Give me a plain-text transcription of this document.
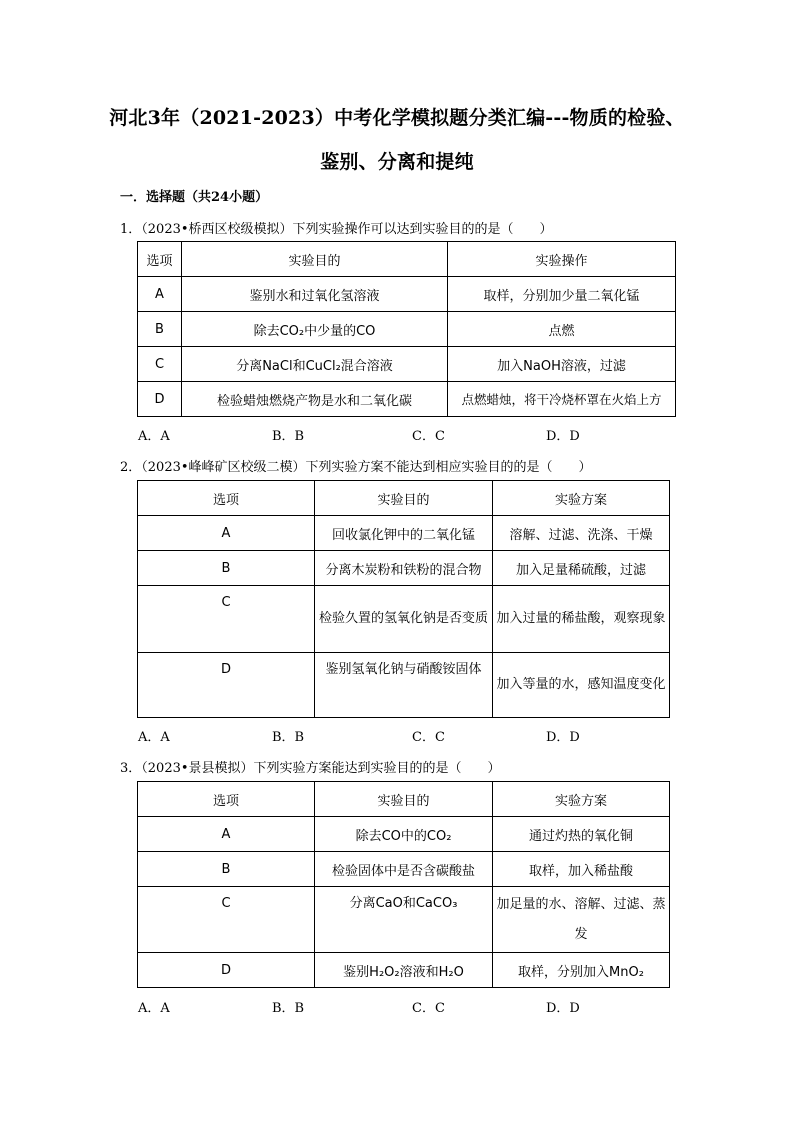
河北3年（2021-2023）中考化学模拟题分类汇编---物质的检验、
鉴别、分离和提纯
一．选择题（共24小题）
1．（2023•桥西区校级模拟）下列实验操作可以达到实验目的的是（　　）
选项	实验目的	实验操作
A	鉴别水和过氧化氢溶液	取样，分别加少量二氧化锰
B	除去CO₂中少量的CO	点燃
C	分离NaCl和CuCl₂混合溶液	加入NaOH溶液，过滤
D	检验蜡烛燃烧产物是水和二氧化碳	点燃蜡烛，将干冷烧杯罩在火焰上方
A．A	B．B	C．C	D．D
2．（2023•峰峰矿区校级二模）下列实验方案不能达到相应实验目的的是（　　）
选项	实验目的	实验方案
A	回收氯化钾中的二氧化锰	溶解、过滤、洗涤、干燥
B	分离木炭粉和铁粉的混合物	加入足量稀硫酸，过滤
C	检验久置的氢氧化钠是否变质	加入过量的稀盐酸，观察现象
D	鉴别氢氧化钠与硝酸铵固体	加入等量的水，感知温度变化
A．A	B．B	C．C	D．D
3．（2023•景县模拟）下列实验方案能达到实验目的的是（　　）
选项	实验目的	实验方案
A	除去CO中的CO₂	通过灼热的氧化铜
B	检验固体中是否含碳酸盐	取样，加入稀盐酸
C	分离CaO和CaCO₃	加足量的水、溶解、过滤、蒸发
D	鉴别H₂O₂溶液和H₂O	取样，分别加入MnO₂
A．A	B．B	C．C	D．D
